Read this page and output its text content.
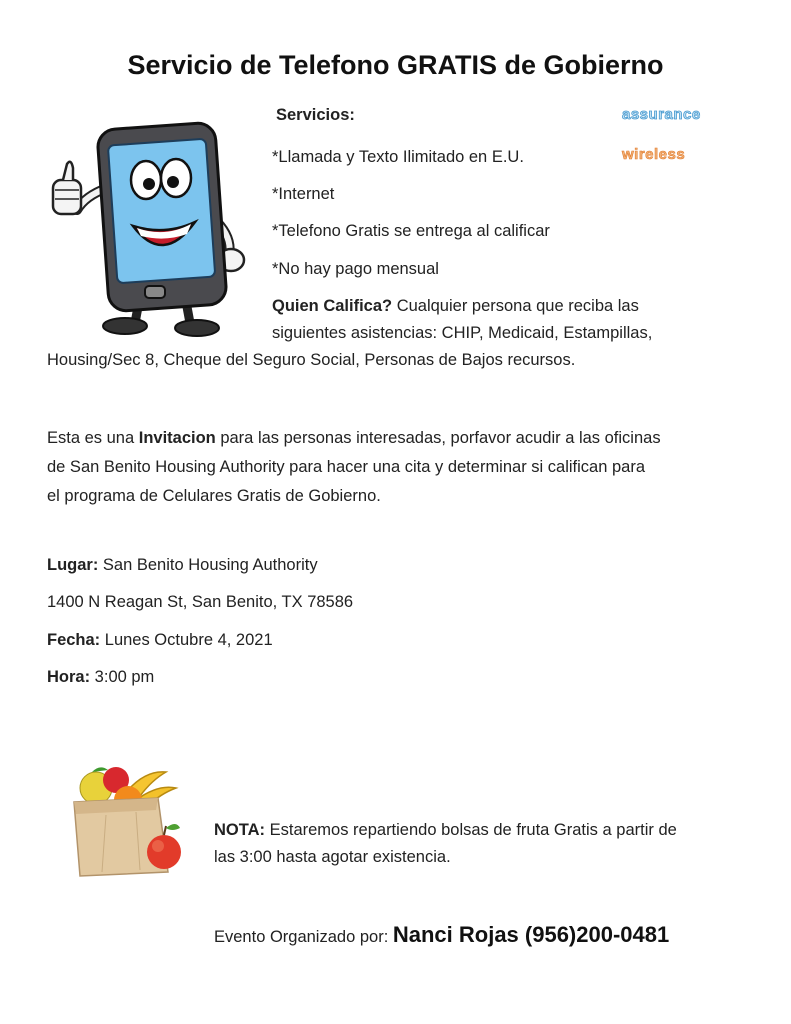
Servicio de Telefono GRATIS de Gobierno
Servicios:
*Llamada y Texto Ilimitado en E.U.
*Internet
*Telefono Gratis se entrega al calificar
*No hay pago mensual
assurance
wireless
Quien Califica? Cualquier persona que reciba las
siguientes asistencias: CHIP, Medicaid, Estampillas,
Housing/Sec 8, Cheque del Seguro Social, Personas de Bajos recursos.
Esta es una Invitacion para las personas interesadas, porfavor acudir a las oficinas
de San Benito Housing Authority para hacer una cita y determinar si califican para
el programa de Celulares Gratis de Gobierno.
Lugar: San Benito Housing Authority
1400 N Reagan St, San Benito, TX 78586
Fecha: Lunes Octubre 4, 2021
Hora: 3:00 pm
NOTA: Estaremos repartiendo bolsas de fruta Gratis a partir de
las 3:00 hasta agotar existencia.
Evento Organizado por: Nanci Rojas (956)200-0481
